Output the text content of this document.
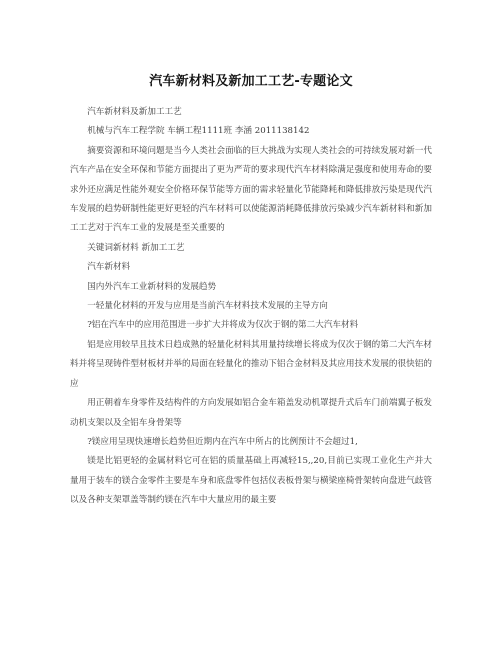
汽车新材料及新加工工艺-专题论文

汽车新材料及新加工工艺

机械与汽车工程学院 车辆工程1111班 李涵 2011138142

摘要资源和环境问题是当今人类社会面临的巨大挑战为实现人类社会的可持续发展对新一代汽车产品在安全环保和节能方面提出了更为严苛的要求现代汽车材料除满足强度和使用寿命的要求外还应满足性能外观安全价格环保节能等方面的需求轻量化节能降耗和降低排放污染是现代汽车发展的趋势研制性能更好更轻的汽车材料可以使能源消耗降低排放污染减少汽车新材料和新加工工艺对于汽车工业的发展是至关重要的

关键词新材料 新加工工艺

汽车新材料

国内外汽车工业新材料的发展趋势

一轻量化材料的开发与应用是当前汽车材料技术发展的主导方向

?铝在汽车中的应用范围进一步扩大并将成为仅次于钢的第二大汽车材料

铝是应用较早且技术日趋成熟的轻量化材料其用量持续增长将成为仅次于钢的第二大汽车材料并将呈现铸件型材板材并举的局面在轻量化的推动下铝合金材料及其应用技术发展的很快铝的应

用正朝着车身零件及结构件的方向发展如铝合金车箱盖发动机罩提升式后车门前端翼子板发动机支架以及全铝车身骨架等

?镁应用呈现快速增长趋势但近期内在汽车中所占的比例预计不会超过1,

镁是比铝更轻的金属材料它可在铝的质量基础上再减轻15,,20,目前已实现工业化生产并大量用于装车的镁合金零件主要是车身和底盘零件包括仪表板骨架与横梁座椅骨架转向盘进气歧管以及各种支架罩盖等制约镁在汽车中大量应用的最主要
